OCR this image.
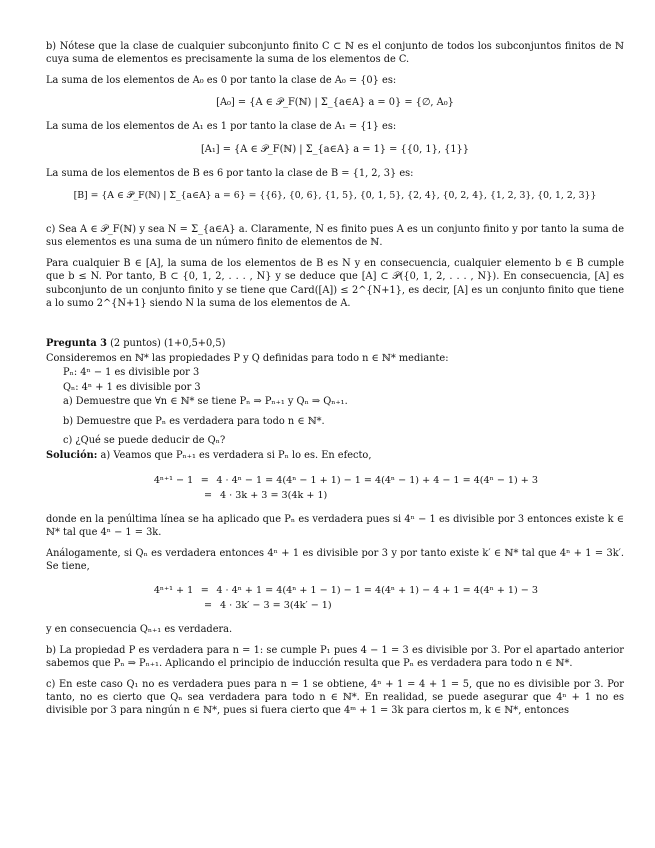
b) Nótese que la clase de cualquier subconjunto finito C ⊂ ℕ es el conjunto de todos los subconjuntos finitos de ℕ cuya suma de elementos es precisamente la suma de los elementos de C.

La suma de los elementos de A₀ es 0 por tanto la clase de A₀ = {0} es:

[A₀] = {A ∈ 𝒫_F(ℕ) | Σ_{a∈A} a = 0} = {∅, A₀}

La suma de los elementos de A₁ es 1 por tanto la clase de A₁ = {1} es:

[A₁] = {A ∈ 𝒫_F(ℕ) | Σ_{a∈A} a = 1} = {{0, 1}, {1}}

La suma de los elementos de B es 6 por tanto la clase de B = {1, 2, 3} es:

[B] = {A ∈ 𝒫_F(ℕ) | Σ_{a∈A} a = 6} = {{6}, {0, 6}, {1, 5}, {0, 1, 5}, {2, 4}, {0, 2, 4}, {1, 2, 3}, {0, 1, 2, 3}}

c) Sea A ∈ 𝒫_F(ℕ) y sea N = Σ_{a∈A} a. Claramente, N es finito pues A es un conjunto finito y por tanto la suma de sus elementos es una suma de un número finito de elementos de ℕ.

Para cualquier B ∈ [A], la suma de los elementos de B es N y en consecuencia, cualquier elemento b ∈ B cumple que b ≤ N. Por tanto, B ⊂ {0, 1, 2, . . . , N} y se deduce que [A] ⊂ 𝒫({0, 1, 2, . . . , N}). En consecuencia, [A] es subconjunto de un conjunto finito y se tiene que Card([A]) ≤ 2^{N+1}, es decir, [A] es un conjunto finito que tiene a lo sumo 2^{N+1} siendo N la suma de los elementos de A.

Pregunta 3 (2 puntos) (1+0,5+0,5)

Consideremos en ℕ* las propiedades P y Q definidas para todo n ∈ ℕ* mediante:

Pₙ: 4ⁿ − 1 es divisible por 3

Qₙ: 4ⁿ + 1 es divisible por 3

a) Demuestre que ∀n ∈ ℕ* se tiene Pₙ ⇒ Pₙ₊₁ y Qₙ ⇒ Qₙ₊₁.

b) Demuestre que Pₙ es verdadera para todo n ∈ ℕ*.

c) ¿Qué se puede deducir de Qₙ?

Solución: a) Veamos que Pₙ₊₁ es verdadera si Pₙ lo es. En efecto,

4ⁿ⁺¹ − 1 = 4 · 4ⁿ − 1 = 4(4ⁿ − 1 + 1) − 1 = 4(4ⁿ − 1) + 4 − 1 = 4(4ⁿ − 1) + 3
= 4 · 3k + 3 = 3(4k + 1)

donde en la penúltima línea se ha aplicado que Pₙ es verdadera pues si 4ⁿ − 1 es divisible por 3 entonces existe k ∈ ℕ* tal que 4ⁿ − 1 = 3k.

Análogamente, si Qₙ es verdadera entonces 4ⁿ + 1 es divisible por 3 y por tanto existe k′ ∈ ℕ* tal que 4ⁿ + 1 = 3k′. Se tiene,

4ⁿ⁺¹ + 1 = 4 · 4ⁿ + 1 = 4(4ⁿ + 1 − 1) − 1 = 4(4ⁿ + 1) − 4 + 1 = 4(4ⁿ + 1) − 3
= 4 · 3k′ − 3 = 3(4k′ − 1)

y en consecuencia Qₙ₊₁ es verdadera.

b) La propiedad P es verdadera para n = 1: se cumple P₁ pues 4 − 1 = 3 es divisible por 3. Por el apartado anterior sabemos que Pₙ ⇒ Pₙ₊₁. Aplicando el principio de inducción resulta que Pₙ es verdadera para todo n ∈ ℕ*.

c) En este caso Q₁ no es verdadera pues para n = 1 se obtiene, 4ⁿ + 1 = 4 + 1 = 5, que no es divisible por 3. Por tanto, no es cierto que Qₙ sea verdadera para todo n ∈ ℕ*. En realidad, se puede asegurar que 4ⁿ + 1 no es divisible por 3 para ningún n ∈ ℕ*, pues si fuera cierto que 4ᵐ + 1 = 3k para ciertos m, k ∈ ℕ*, entonces
